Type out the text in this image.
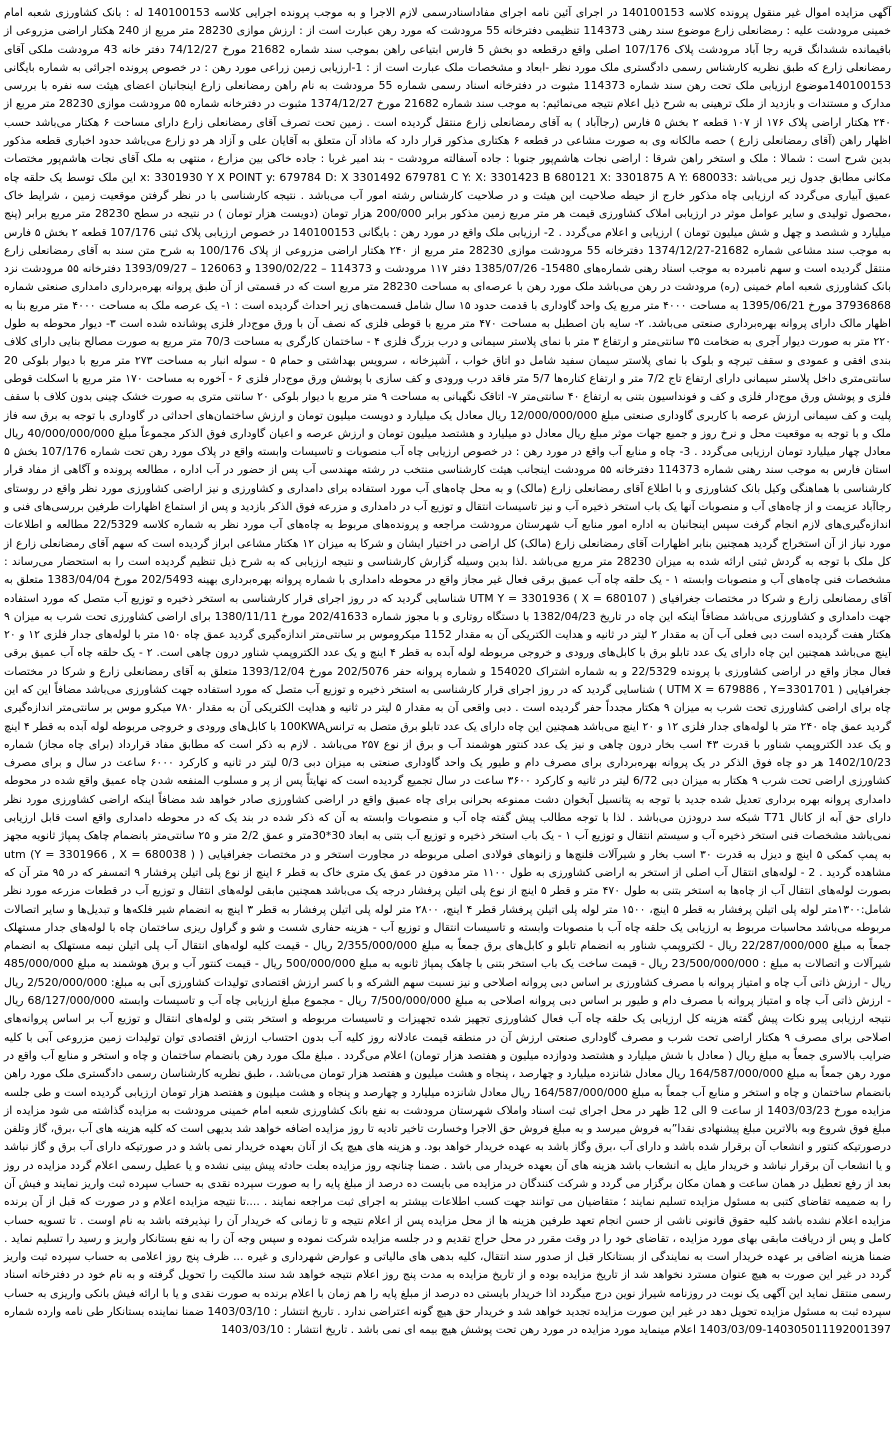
آگهی مزایده اموال غیر منقول پرونده کلاسه 140100153 در اجرای آئین نامه اجرای مفاداسنادرسمی لازم الاجرا و به موجب پرونده اجرایی کلاسه 140100153 له : بانک کشاورزی شعبه امام خمینی مرودشت علیه : رمضانعلی زارع موضوع سند رهنی 114373 تنظیمی دفترخانه 55 مرودشت که مورد رهن عبارت است از : ارزش موازی 28230 متر مربع از 240 هکتار اراضی مزروعی از باقیمانده ششدانگ قریه رجا آباد مرودشت پلاک 107/176 اصلی واقع درقطعه دو بخش 5 فارس ابتیاعی راهن بموجب سند شماره 21682 مورخ 74/12/27 دفتر خانه 43 مرودشت ملکی آقای رمضانعلی زارع که طبق نظریه کارشناس رسمی دادگستری ملک مورد نظر -ابعاد و مشخصات ملک عبارت است از : 1-ارزیابی زمین زراعی مورد رهن : در خصوص پرونده اجرائی به شماره بایگانی 140100153موضوع ارزیابی ملک تحت رهن سند شماره 114373 مثبوت در دفترخانه اسناد رسمی شماره 55 مرودشت به نام راهن رمضانعلی زارع اینجانبان اعضای هیئت سه نفره با بررسی مدارک و مستندات و بازدید از ملک ترهینی به شرح ذیل اعلام نتیجه می‌نمائیم: به موجب سند شماره 21682 مورخ 1374/12/27 مثبوت در دفترخانه شماره ۵۵ مرودشت موازی 28230 متر مربع از ۲۴۰ هکتار اراضی پلاک ۱۷۶ از ۱۰۷ قطعه ۲ بخش ۵ فارس (رجاآباد ) به آقای رمضانعلی زارع منتقل گردیده است . زمین تحت تصرف آقای رمضانعلی زارع دارای مساحت ۶ هکتار می‌باشد حسب اظهار راهن (آقای رمضانعلی زارع ) حصه مالکانه وی به صورت مشاعی در قطعه ۶ هکتاری مذکور قرار دارد که ماذاد آن متعلق به آقایان علی و آزاد هر دو زارع می‌باشد حدود اخباری قطعه مذکور بدین شرح است : شمالا : ملک و استخر راهن شرقا : اراضی نجات هاشم‌پور جنوبا : جاده آسفالته مرودشت - بند امیر غربا : جاده خاکی بین مزارع ، منتهی به ملک آقای نجات هاشم‌پور مختصات مکانی مطابق جدول زیر می‌باشد :x: 3301930 Y X POINT y: 679784 D: X 3301492 679781 C Y: X: 3301423 B 680121 X: 3301875 A Y: 680033 این ملک توسط یک حلقه چاه عمیق آبیاری می‌گردد که ارزیابی چاه مذکور خارج از حیطه صلاحیت این هیئت و در صلاحیت کارشناس رشته امور آب می‌باشد . نتیجه کارشناسی با در نظر گرفتن موقعیت زمین ، شرایط خاک ،محصول تولیدی و سایر عوامل موثر در ارزیابی املاک کشاورزی قیمت هر متر مربع زمین مذکور برابر 200/000 هزار تومان (دویست هزار تومان ) در نتیجه در سطح 28230 متر مربع برابر (پنج میلیارد و ششصد و چهل و شش میلیون تومان ) ارزیابی و اعلام می‌گردد . 2- ارزیابی ملک واقع در مورد رهن : بایگانی 140100153 در خصوص ارزیابی پلاک ثبتی 107/176 قطعه ۲ بخش ۵ فارس به موجب سند مشاعی شماره 21682-1374/12/27 دفترخانه 55 مرودشت موازی 28230 متر مربع از ۲۴۰ هکتار اراضی مزروعی از پلاک 100/176 به شرح متن سند به آقای رمضانعلی زارع منتقل گردیده است و سهم نامبرده به موجب اسناد رهنی شماره‌های 15480- 1385/07/26 دفتر ۱۱۷ مرودشت و 114373 – 1390/02/22 و 126063 – 1393/09/27 دفترخانه ۵۵ مرودشت نزد بانک کشاورزی شعبه امام خمینی (ره) مرودشت در رهن می‌باشد ملک مورد رهن با عرصه‌ای به مساحت 28230 متر مربع است که در قسمتی از آن طبق پروانه بهره‌برداری دامداری صنعتی شماره 37936868 مورخ 1395/06/21 به مساحت ۴۰۰۰ متر مربع یک واحد گاوداری با قدمت حدود ۱۵ سال شامل قسمت‌های زیر احداث گردیده است : ۱- یک عرصه ملک به مساحت ۴۰۰۰ متر مربع بنا به اظهار مالک دارای پروانه بهره‌برداری صنعتی می‌باشد. ۲- سایه بان اصطبل به مساحت ۴۷۰ متر مربع با قوطی فلزی که نصف آن با ورق موج‌دار فلزی پوشانده شده است ۳- دیوار محوطه به طول ۲۲۰ متر به صورت دیوار آجری به ضخامت ۳۵ سانتی‌متر و ارتفاع ۳ متر با نمای پلاستر سیمانی و درب بزرگ فلزی ۴ - ساختمان کارگری به مساحت 70/3 متر مربع به صورت مصالح بنایی دارای کلاف بندی افقی و عمودی و سقف تیرچه و بلوک با نمای پلاستر سیمان سفید شامل دو اتاق خواب ، آشپزخانه ، سرویس بهداشتی و حمام ۵ - سوله انبار به مساحت ۲۷۳ متر مربع با دیوار بلوکی 20 سانتی‌متری داخل پلاستر سیمانی دارای ارتفاع تاج 7/2 متر و ارتفاع کناره‌ها 5/7 متر فاقد درب ورودی و کف سازی با پوشش ورق موج‌دار فلزی ۶ - آخوره به مساحت ۱۷۰ متر مربع با اسکلت قوطی فلزی و پوشش ورق موج‌دار فلزی و کف و فونداسیون بتنی به ارتفاع ۴۰ سانتی‌متر ۷- اتاقک نگهبانی به مساحت ۹ متر مربع با دیوار بلوکی ۲۰ سانتی متری به صورت خشک چینی بدون کلاف با سقف پلیت و کف سیمانی ارزش عرصه با کاربری گاوداری صنعتی مبلغ 12/000/000/000 ریال معادل یک میلیارد و دویست میلیون تومان و ارزش ساختمان‌های احداثی در گاوداری با توجه به برق سه فاز ملک و با توجه به موقعیت محل و نرخ روز و جمیع جهات موثر مبلغ ریال معادل دو میلیارد و هشتصد میلیون تومان و ارزش عرصه و اعیان گاوداری فوق الذکر مجموعاً مبلغ 40/000/000/000 ریال معادل چهار میلیارد تومان ارزیابی می‌گردد . 3- چاه و منابع آب واقع در مورد رهن : در خصوص ارزیابی چاه آب منصوبات و تاسیسات وابسته واقع در پلاک مورد رهن تحت شماره 107/176 بخش ۵ استان فارس به موجب سند رهنی شماره 114373 دفترخانه ۵۵ مرودشت اینجانب هیئت کارشناسی منتخب در رشته مهندسی آب پس از حضور در آب اداره ، مطالعه پرونده و آگاهی از مفاد قرار کارشناسی با هماهنگی وکیل بانک کشاورزی و با اطلاع آقای رمضانعلی زارع (مالک) و به محل چاه‌های آب مورد استفاده برای دامداری و کشاورزی و نیز اراضی کشاورزی مورد نظر واقع در روستای رجاآباد عزیمت و از چاه‌های آب و منصوبات آنها یک باب استخر ذخیره آب و نیز تاسیسات انتقال و توزیع آب در دامداری و مزرعه فوق الذکر بازدید و پس از استماع اظهارات طرفین بررسی‌های فنی و اندازه‌گیری‌های لازم انجام گرفت سپس اینجانبان به اداره امور منابع آب شهرستان مرودشت مراجعه و پرونده‌های مربوط به چاه‌های آب مورد نظر به شماره کلاسه 22/5329 مطالعه و اطلاعات مورد نیاز از آن استخراج گردید همچنین بنابر اظهارات آقای رمضانعلی زارع (مالک) کل اراضی در اختیار ایشان و شرکا به میزان ۱۲ هکتار مشاعی ابراز گردیده است که سهم آقای رمضانعلی زارع از کل ملک با توجه به گردش ثبتی ارائه شده به میزان 28230 متر مربع می‌باشد .لذا بدین وسیله گزارش کارشناسی و نتیجه ارزیابی که به شرح ذیل تنظیم گردیده است را به استحضار می‌رساند : مشخصات فنی چاه‌های آب و منصوبات وابسته ۱ - یک حلقه چاه آب عمیق برقی فعال غیر مجاز واقع در محوطه دامداری با شماره پروانه بهره‌برداری بهینه 202/5493 مورخ 1383/04/04 متعلق به آقای رمضانعلی زارع و شرکا در مختصات جغرافیای UTM Y = 3301936 ( X = 680107 ) شناسایی گردید که در روز اجرای قرار کارشناسی به استخر ذخیره و توزیع آب متصل که مورد استفاده جهت دامداری و کشاورزی می‌باشد مضافاً اینکه این چاه در تاریخ 1382/04/23 با دستگاه روتاری و با مجوز شماره 202/41633 مورخ 1380/11/11 برای اراضی کشاورزی تحت شرب به میزان ۹ هکتار هفت گردیده است دبی فعلی آب آن به مقدار ۲ لیتر در ثانیه و هدایت الکتریکی آن به مقدار 1152 میکروموس بر سانتی‌متر اندازه‌گیری گردید عمق چاه ۱۵۰ متر با لوله‌های جدار فلزی ۱۲ و ۲۰ اینچ می‌باشد همچنین این چاه دارای یک عدد تابلو برق با کابل‌های ورودی و خروجی مربوطه لوله آبده به قطر ۴ اینچ و یک عدد الکتروپمپ شناور درون چاهی است. ۲ - یک حلقه چاه آب عمیق برقی فعال مجاز واقع در اراضی کشاورزی با پرونده 22/5329 و به شماره اشتراک 154020 و شماره پروانه حفر 202/5076 مورخ 1393/12/04 متعلق به آقای رمضانعلی زارع و شرکا در مختصات جغرافیایی ( UTM X = 679886 , Y=3301701 ) شناسایی گردید که در روز اجرای قرار کارشناسی به استخر ذخیره و توزیع آب متصل که مورد استفاده جهت کشاورزی می‌باشد مضافاً این که این چاه برای اراضی کشاورزی تحت شرب به میزان ۹ هکتار مجدداً حفر گردیده است . دبی واقعی آن به مقدار ۵ لیتر در ثانیه و هدایت الکتریکی آن به مقدار ۷۸۰ میکرو موس بر سانتی‌متر اندازه‌گیری گردید عمق چاه ۲۴۰ متر با لوله‌های جدار فلزی ۱۲ و ۲۰ اینچ می‌باشد همچنین این چاه دارای یک عدد تابلو برق متصل به ترانس100KWA با کابل‌های ورودی و خروجی مربوطه لوله آبده به قطر ۴ اینچ و یک عدد الکتروپمپ شناور با قدرت ۴۳ اسب بخار درون چاهی و نیز یک عدد کنتور هوشمند آب و برق از نوع ۲۵۷ می‌باشد . لازم به ذکر است که مطابق مفاد قرارداد (برای چاه مجاز) شماره 1402/10/23 هر دو چاه فوق الذکر در یک پروانه بهره‌برداری برای مصرف دام و طیور یک واحد گاوداری صنعتی به میزان دبی 0/3 لیتر در ثانیه و کارکرد ۶۰۰۰ ساعت در سال و برای مصرف کشاورزی اراضی تحت شرب ۹ هکتار به میزان دبی 6/72 لیتر در ثانیه و کارکرد ۳۶۰۰ ساعت در سال تجمیع گردیده است که نهایتاً پس از پر و مسلوب المنفعه شدن چاه عمیق واقع شده در محوطه دامداری پروانه بهره برداری تعدیل شده جدید با توجه به پتانسیل آبخوان دشت ممنوعه بحرانی برای چاه عمیق واقع در اراضی کشاورزی صادر خواهد شد مضافاً اینکه اراضی کشاورزی مورد نظر دارای حق آبه از کانال T71 شبکه سد درودزن می‌باشد . لذا با توجه مطالب پیش گفته چاه آب و منصوبات وابسته به آن که ذکر شده در بند یک که در محوطه دامداری واقع است قابل ارزیابی نمی‌باشد مشخصات فنی استخر ذخیره آب و سیستم انتقال و توزیع آب ۱ - یک باب استخر ذخیره و توزیع آب بتنی به ابعاد 30*30متر و عمق 2/2 متر و ۲۵ سانتی‌متر بانضمام چاهک پمپاژ ثانویه مجهز به پمپ کمکی ۵ اینچ و دیزل به قدرت ۳۰ اسب بخار و شیرآلات فلنچ‌ها و زانوهای فولادی اصلی مربوطه در مجاورت استخر و در مختصات جغرافیایی ( utm (Y = 3301966 , X = 680038 ) مشاهده گردید . 2 - لوله‌های انتقال آب اصلی از استخر به اراضی کشاورزی به طول ۱۱۰۰ متر مدفون در عمق یک متری خاک به قطر ۶ اینچ از نوع پلی اتیلن پرفشار ۹ اتمسفر که در ۹۵ متر آن که بصورت لوله‌های انتقال آب از چاه‌ها به استخر بتنی به طول ۴۷۰ متر و قطر ۵ اینچ از نوع پلی اتیلن پرفشار درجه یک می‌باشد همچنین مابقی لوله‌های انتقال و توزیع آب در قطعات مزرعه مورد نظر شامل:۱۳۰۰متر لوله پلی اتیلن پرفشار به قطر ۵ اینچ، ۱۵۰۰ متر لوله پلی اتیلن پرفشار قطر ۴ اینچ، ۲۸۰۰ متر لوله پلی اتیلن پرفشار به قطر ۳ اینچ به انضمام شیر فلکه‌ها و تبدیل‌ها و سایر اتصالات مربوطه می‌باشد محاسبات مربوط به ارزیابی یک حلقه چاه آب با منصوبات وابسته و تاسیسات انتقال و توزیع آب - هزینه حفاری شست و شو و گراول ریزی ساختمان چاه با لوله‌های جدار مستهلک جمعاً به مبلغ 22/287/000/000 ریال - لکتروپمپ شناور به انضمام تابلو و کابل‌های برق جمعاً به مبلغ 2/355/000/000 ریال - قیمت کلیه لوله‌های انتقال آب پلی اتیلن نیمه مستهلک به انضمام شیرآلات و اتصالات به مبلغ : 23/500/000/000 ریال - قیمت ساخت یک باب استخر بتنی با چاهک پمپاژ ثانویه به مبلغ 500/000/000 ریال - قیمت کنتور آب و برق هوشمند به مبلغ 485/000/000 ریال - ارزش ذاتی آب چاه و امتیاز پروانه با مصرف کشاورزی بر اساس دبی پروانه اصلاحی و نیز نسبت سهم الشرکه و با کسر ارزش اقتصادی تولیدات کشاورزی آبی به مبلغ: 2/520/000/000 ریال - ارزش ذاتی آب چاه و امتیاز پروانه با مصرف دام و طیور بر اساس دبی پروانه اصلاحی به مبلغ 7/500/000/000 ریال - مجموع مبلغ ارزیابی چاه آب و تاسیسات وابسته 68/127/000/000 ریال نتیجه ارزیابی پیرو نکات پیش گفته هزینه کل ارزیابی یک حلقه چاه آب فعال کشاورزی تجهیز شده تجهیزات و تاسیسات مربوطه و استخر بتنی و لوله‌های انتقال و توزیع آب بر اساس پروانه‌های اصلاحی برای مصرف ۹ هکتار اراضی تحت شرب و مصرف گاوداری صنعتی ارزش آن در منطقه قیمت عادلانه روز کلیه آب بدون احتساب ارزش اقتصادی توان تولیدات زمین مزروعی آبی با کلیه ضرایب بالاسری جمعاً به مبلغ ریال ( معادل با شش میلیارد و هشتصد ودوازده میلیون و هفتصد هزار تومان) اعلام می‌گردد . مبلغ ملک مورد رهن بانضمام ساختمان و چاه و استخر و منابع آب واقع در مورد رهن جمعاً به مبلغ 164/587/000/000 ریال معادل شانزده میلیارد و چهارصد ، پنجاه و هشت میلیون و هفتصد هزار تومان می‌باشد. ، طبق نظریه کارشناسان رسمی دادگستری ملک مورد راهن بانضمام ساختمان و چاه و استخر و منابع آب جمعاً به مبلغ 164/587/000/000 ریال معادل شانزده میلیارد و چهارصد و پنجاه و هشت میلیون و هفتصد هزار تومان ارزیابی گردیده است و طی جلسه مزایده مورخ 1403/03/23 از ساعت 9 الی 12 ظهر در محل اجرای ثبت اسناد واملاک شهرستان مرودشت به نفع بانک کشاورزی شعبه امام خمینی مرودشت به مزایده گذاشته می شود مزایده از مبلغ فوق شروع وبه بالاترین مبلغ پیشنهادی نقدا”به فروش میرسد و به مبلغ فروش حق الاجرا وخسارت تاخیر تادیه تا روز مزایده اضافه خواهد شد بدیهی است که کلیه هزینه های آب ،برق، گاز وتلفن درصورتیکه کنتور و انشعاب آن برقرار شده باشد و دارای آب ،برق وگاز باشد به عهده خریدار خواهد بود. و هزینه های هیچ یک از آنان بعهده خریدار نمی باشد و در صورتیکه دارای آب برق و گاز نباشد و یا انشعاب آن برقرار نباشد و خریدار مایل به انشعاب باشد هزینه های آن بعهده خریدار می باشد . ضمنا چنانچه روز مزایده بعلت حادثه پیش بینی نشده و یا عطیل رسمی اعلام گردد مزایده در روز بعد از رفع تعطیل در همان ساعت و همان مکان برگزار می گردد و شرکت کنندگان در مزایده می بایست ده درصد از مبلغ پایه را به صورت سپرده نقدی به حساب سپرده ثبت واریز نمایند و فیش آن را به ضمیمه تقاضای کتبی به مسئول مزایده تسلیم نمایند ؛ متقاضیان می توانند جهت کسب اطلاعات بیشتر به اجرای ثبت مراجعه نمایند . ....تا نتیجه مزایده اعلام و در صورت که قبل از آن برنده مزایده اعلام نشده باشد کلیه حقوق قانونی ناشی از حسن انجام تعهد طرفین هزینه ها از محل مزایده پس از اعلام نتیجه و تا زمانی که خریدار آن را نپذیرفته باشد به نام اوست . تا تسویه حساب کامل و پس از دریافت مابقی بهای مورد مزایده ، تقاضای خود را در وقت مقرر در محل حراج تقدیم و در جلسه مزایده شرکت نموده و سپس وجه آن را به نفع بستانکار واریز و رسید را تسلیم نماید . ضمنا هزینه اضافی بر عهده خریدار است به نمایندگی از بستانکار قبل از صدور سند انتقال، کلیه بدهی های مالیاتی و عوارض شهرداری و غیره ... ظرف پنج روز اعلامی به حساب سپرده ثبت واریز گردد در غیر این صورت به هیچ عنوان مسترد نخواهد شد از تاریخ مزایده بوده و از تاریخ مزایده به مدت پنج روز اعلام نتیجه خواهد شد سند مالکیت را تحویل گرفته و به نام خود در دفترخانه اسناد رسمی منتقل نماید این آگهی یک نوبت در روزنامه شیراز نوین درج میگردد اذا خریدار بایستی ده درصد از مبلغ پایه را هم زمان با اعلام برنده به صورت نقدی و یا با ارائه فیش بانکی واریزی به حساب سپرده ثبت به مسئول مزایده تحویل دهد در غیر این صورت مزایده تجدید خواهد شد و خریدار حق هیچ گونه اعتراضی ندارد . تاریخ انتشار : 1403/03/10 ضمنا نماینده بستانکار طی نامه وارده شماره 140305011192001397-1403/03/09 اعلام مینماید مورد مزایده در مورد رهن تحت پوشش هیچ بیمه ای نمی باشد . تاریخ انتشار : 1403/03/10
